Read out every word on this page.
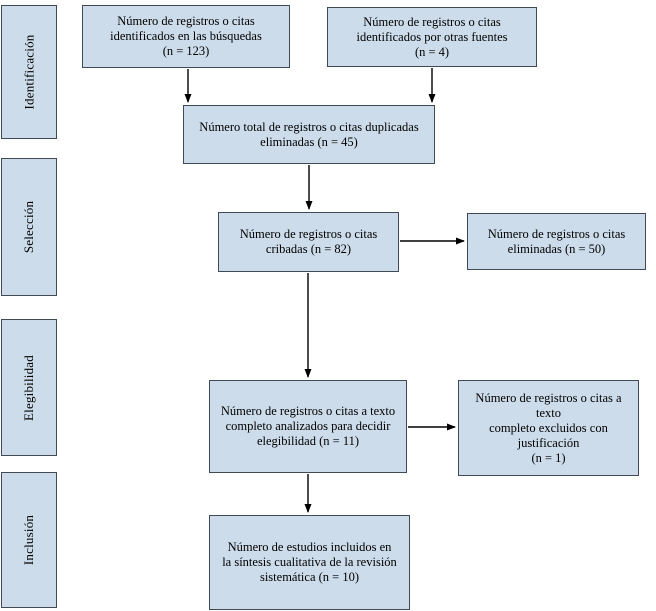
Identificación
Selección
Elegibilidad
Inclusión
Número de registros o citas
identificados en las búsquedas
(n = 123)
Número de registros o citas
identificados por otras fuentes
(n = 4)
Número total de registros o citas duplicadas
eliminadas (n = 45)
Número de registros o citas
cribadas (n = 82)
Número de registros o citas
eliminadas (n = 50)
Número de registros o citas a texto
completo analizados para decidir
elegibilidad (n = 11)
Número de registros o citas a texto
completo excluidos con justificación
(n = 1)
Número de estudios incluidos en
la síntesis cualitativa de la revisión
sistemática (n = 10)
